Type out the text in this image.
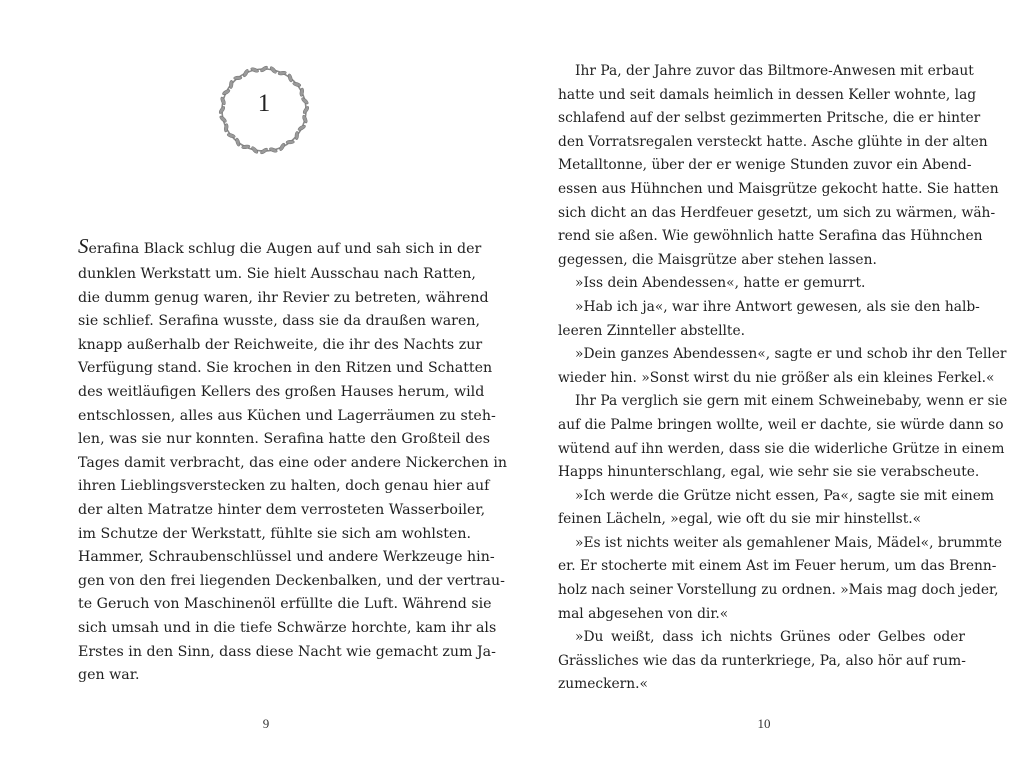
1
Serafina Black schlug die Augen auf und sah sich in der
dunklen Werkstatt um. Sie hielt Ausschau nach Ratten,
die dumm genug waren, ihr Revier zu betreten, während
sie schlief. Serafina wusste, dass sie da draußen waren,
knapp außerhalb der Reichweite, die ihr des Nachts zur
Verfügung stand. Sie krochen in den Ritzen und Schatten
des weitläufigen Kellers des großen Hauses herum, wild
entschlossen, alles aus Küchen und Lagerräumen zu steh-
len, was sie nur konnten. Serafina hatte den Großteil des
Tages damit verbracht, das eine oder andere Nickerchen in
ihren Lieblingsverstecken zu halten, doch genau hier auf
der alten Matratze hinter dem verrosteten Wasserboiler,
im Schutze der Werkstatt, fühlte sie sich am wohlsten.
Hammer, Schraubenschlüssel und andere Werkzeuge hin-
gen von den frei liegenden Deckenbalken, und der vertrau-
te Geruch von Maschinenöl erfüllte die Luft. Während sie
sich umsah und in die tiefe Schwärze horchte, kam ihr als
Erstes in den Sinn, dass diese Nacht wie gemacht zum Ja-
gen war.
9
Ihr Pa, der Jahre zuvor das Biltmore-Anwesen mit erbaut
hatte und seit damals heimlich in dessen Keller wohnte, lag
schlafend auf der selbst gezimmerten Pritsche, die er hinter
den Vorratsregalen versteckt hatte. Asche glühte in der alten
Metalltonne, über der er wenige Stunden zuvor ein Abend-
essen aus Hühnchen und Maisgrütze gekocht hatte. Sie hatten
sich dicht an das Herdfeuer gesetzt, um sich zu wärmen, wäh-
rend sie aßen. Wie gewöhnlich hatte Serafina das Hühnchen
gegessen, die Maisgrütze aber stehen lassen.
»Iss dein Abendessen«, hatte er gemurrt.
»Hab ich ja«, war ihre Antwort gewesen, als sie den halb-
leeren Zinnteller abstellte.
»Dein ganzes Abendessen«, sagte er und schob ihr den Teller
wieder hin. »Sonst wirst du nie größer als ein kleines Ferkel.«
Ihr Pa verglich sie gern mit einem Schweinebaby, wenn er sie
auf die Palme bringen wollte, weil er dachte, sie würde dann so
wütend auf ihn werden, dass sie die widerliche Grütze in einem
Happs hinunterschlang, egal, wie sehr sie sie verabscheute.
»Ich werde die Grütze nicht essen, Pa«, sagte sie mit einem
feinen Lächeln, »egal, wie oft du sie mir hinstellst.«
»Es ist nichts weiter als gemahlener Mais, Mädel«, brummte
er. Er stocherte mit einem Ast im Feuer herum, um das Brenn-
holz nach seiner Vorstellung zu ordnen. »Mais mag doch jeder,
mal abgesehen von dir.«
»Du weißt, dass ich nichts Grünes oder Gelbes oder
Grässliches wie das da runterkriege, Pa, also hör auf rum-
zumeckern.«
10
